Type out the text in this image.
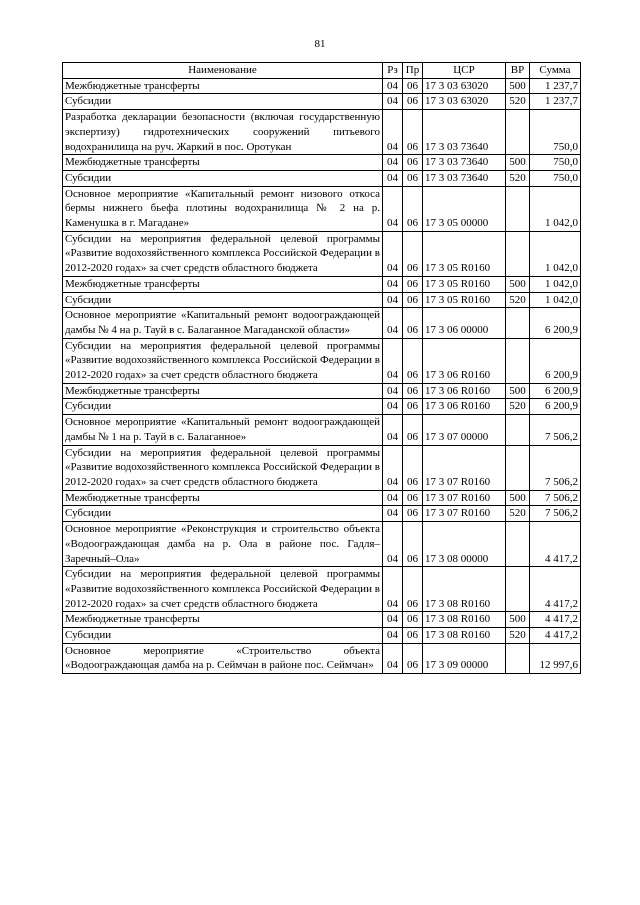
81
Наименование	Рз	Пр	ЦСР	ВР	Сумма
Межбюджетные трансферты	04	06	17 3 03 63020	500	1 237,7
Субсидии	04	06	17 3 03 63020	520	1 237,7
Разработка декларации безопасности (включая государственную экспертизу) гидротехнических сооружений питьевого водохранилища на руч. Жаркий в пос. Оротукан	04	06	17 3 03 73640		750,0
Межбюджетные трансферты	04	06	17 3 03 73640	500	750,0
Субсидии	04	06	17 3 03 73640	520	750,0
Основное мероприятие «Капитальный ремонт низового откоса бермы нижнего бьефа плотины водохранилища № 2 на р. Каменушка в г. Магадане»	04	06	17 3 05 00000		1 042,0
Субсидии на мероприятия федеральной целевой программы «Развитие водохозяйственного комплекса Российской Федерации в 2012-2020 годах» за счет средств областного бюджета	04	06	17 3 05 R0160		1 042,0
Межбюджетные трансферты	04	06	17 3 05 R0160	500	1 042,0
Субсидии	04	06	17 3 05 R0160	520	1 042,0
Основное мероприятие «Капитальный ремонт водоограждающей дамбы № 4 на р. Тауй в с. Балаганное Магаданской области»	04	06	17 3 06 00000		6 200,9
Субсидии на мероприятия федеральной целевой программы «Развитие водохозяйственного комплекса Российской Федерации в 2012-2020 годах» за счет средств областного бюджета	04	06	17 3 06 R0160		6 200,9
Межбюджетные трансферты	04	06	17 3 06 R0160	500	6 200,9
Субсидии	04	06	17 3 06 R0160	520	6 200,9
Основное мероприятие «Капитальный ремонт водоограждающей дамбы № 1 на р. Тауй в с. Балаганное»	04	06	17 3 07 00000		7 506,2
Субсидии на мероприятия федеральной целевой программы «Развитие водохозяйственного комплекса Российской Федерации в 2012-2020 годах» за счет средств областного бюджета	04	06	17 3 07 R0160		7 506,2
Межбюджетные трансферты	04	06	17 3 07 R0160	500	7 506,2
Субсидии	04	06	17 3 07 R0160	520	7 506,2
Основное мероприятие «Реконструкция и строительство объекта «Водоограждающая дамба на р. Ола в районе пос. Гадля–Заречный–Ола»	04	06	17 3 08 00000		4 417,2
Субсидии на мероприятия федеральной целевой программы «Развитие водохозяйственного комплекса Российской Федерации в 2012-2020 годах» за счет средств областного бюджета	04	06	17 3 08 R0160		4 417,2
Межбюджетные трансферты	04	06	17 3 08 R0160	500	4 417,2
Субсидии	04	06	17 3 08 R0160	520	4 417,2
Основное мероприятие «Строительство объекта «Водоограждающая дамба на р. Сеймчан в районе пос. Сеймчан»	04	06	17 3 09 00000		12 997,6
